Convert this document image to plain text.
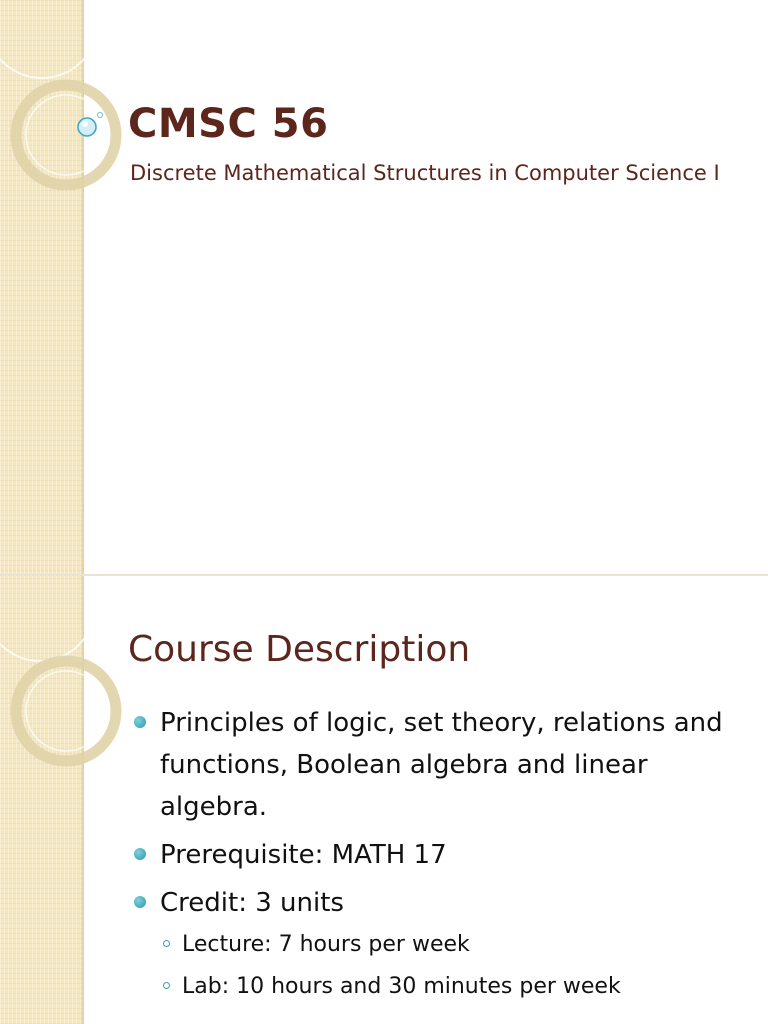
CMSC 56

Discrete Mathematical Structures in Computer Science I

Course Description
Principles of logic, set theory, relations and functions, Boolean algebra and linear algebra.
Prerequisite: MATH 17
Credit: 3 units
Lecture: 7 hours per week
Lab: 10 hours and 30 minutes per week
